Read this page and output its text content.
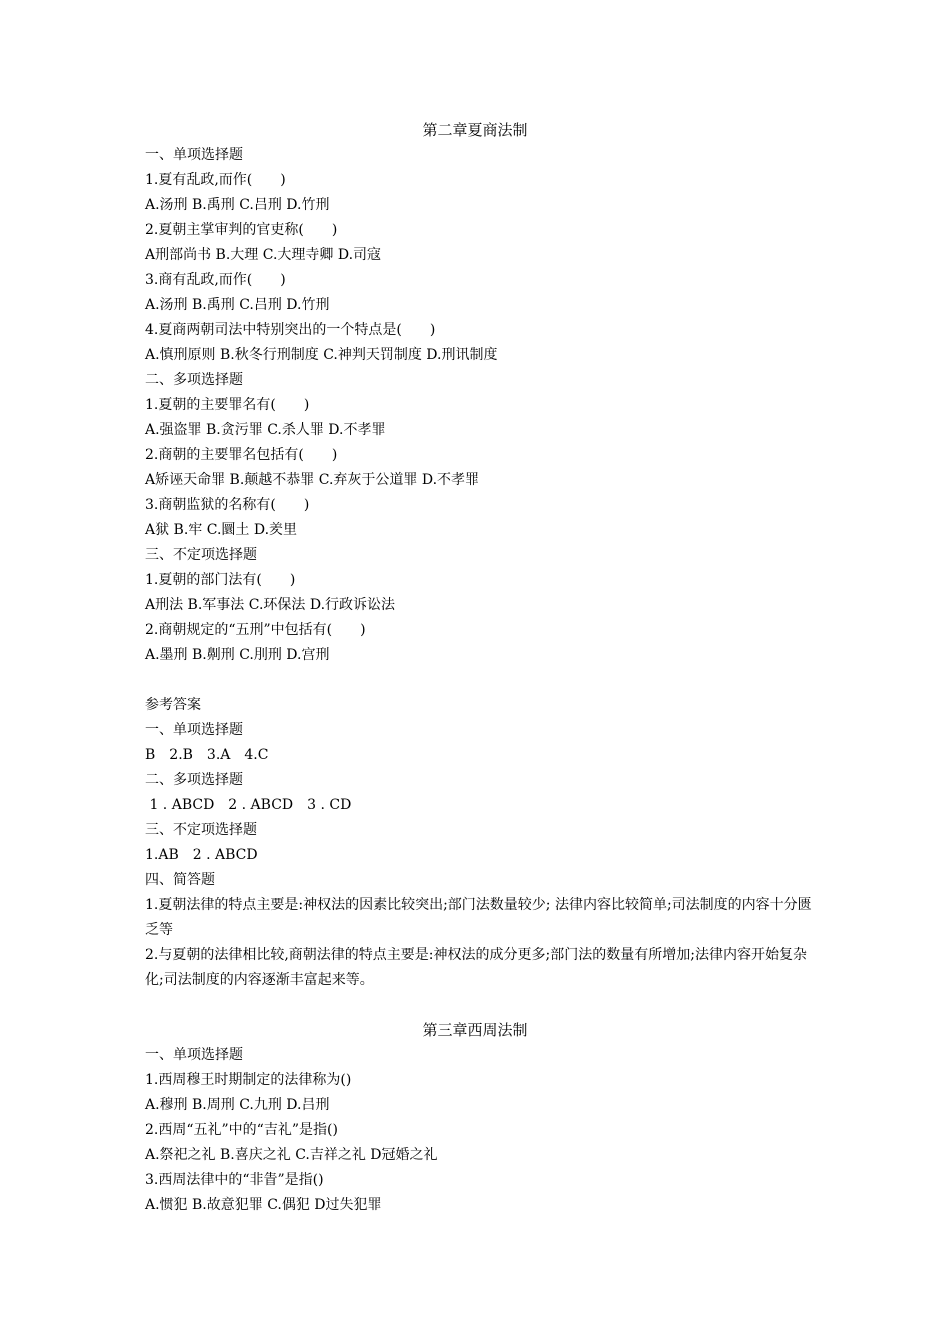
第二章夏商法制
一、单项选择题
1.夏有乱政,而作(　　)
A.汤刑 B.禹刑 C.吕刑 D.竹刑
2.夏朝主掌审判的官吏称(　　)
A刑部尚书 B.大理 C.大理寺卿 D.司寇
3.商有乱政,而作(　　)
A.汤刑 B.禹刑 C.吕刑 D.竹刑
4.夏商两朝司法中特别突出的一个特点是(　　)
A.慎刑原则 B.秋冬行刑制度 C.神判天罚制度 D.刑讯制度
二、多项选择题
1.夏朝的主要罪名有(　　)
A.强盗罪 B.贪污罪 C.杀人罪 D.不孝罪
2.商朝的主要罪名包括有(　　)
A矫诬天命罪 B.颠越不恭罪 C.弃灰于公道罪 D.不孝罪
3.商朝监狱的名称有(　　)
A狱 B.牢 C.圜土 D.羑里
三、不定项选择题
1.夏朝的部门法有(　　)
A刑法 B.军事法 C.环保法 D.行政诉讼法
2.商朝规定的“五刑”中包括有(　　)
A.墨刑 B.劓刑 C.刖刑 D.宫刑
参考答案
一、单项选择题
B　2.B　3.A　4.C
二、多项选择题
1 . ABCD　2 . ABCD　3 . CD
三、不定项选择题
1.AB　2 . ABCD
四、简答题
1.夏朝法律的特点主要是:神权法的因素比较突出;部门法数量较少; 法律内容比较简单;司法制度的内容十分匮乏等
2.与夏朝的法律相比较,商朝法律的特点主要是:神权法的成分更多;部门法的数量有所增加;法律内容开始复杂化;司法制度的内容逐渐丰富起来等。
第三章西周法制
一、单项选择题
1.西周穆王时期制定的法律称为()
A.穆刑 B.周刑 C.九刑 D.吕刑
2.西周“五礼”中的“吉礼”是指()
A.祭祀之礼 B.喜庆之礼 C.吉祥之礼 D冠婚之礼
3.西周法律中的“非眚”是指()
A.惯犯 B.故意犯罪 C.偶犯 D过失犯罪
